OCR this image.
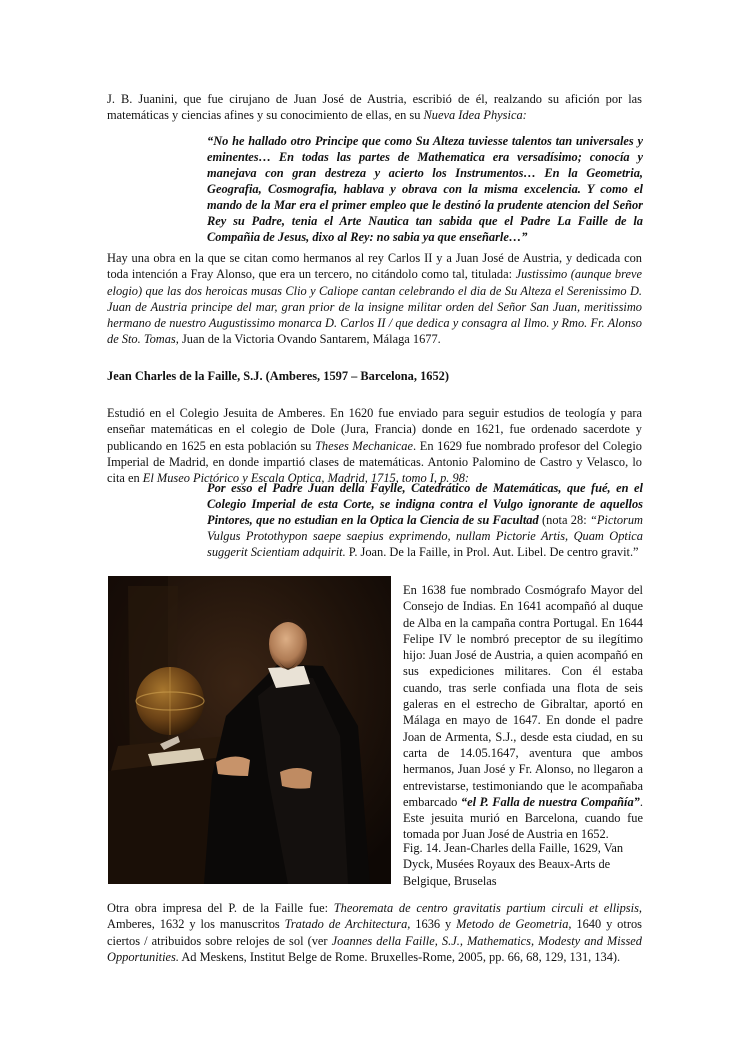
J. B. Juanini, que fue cirujano de Juan José de Austria, escribió de él, realzando su afición por las matemáticas y ciencias afines y su conocimiento de ellas, en su Nueva Idea Physica:

“No he hallado otro Principe que como Su Alteza tuviesse talentos tan universales y eminentes… En todas las partes de Mathematica era versadísimo; conocía y manejava con gran destreza y acierto los Instrumentos… En la Geometria, Geografia, Cosmografia, hablava y obrava con la misma excelencia. Y como el mando de la Mar era el primer empleo que le destinó la prudente atencion del Señor Rey su Padre, tenia el Arte Nautica tan sabida que el Padre La Faille de la Compañia de Jesus, dixo al Rey: no sabia ya que enseñarle…”

Hay una obra en la que se citan como hermanos al rey Carlos II y a Juan José de Austria, y dedicada con toda intención a Fray Alonso, que era un tercero, no citándolo como tal, titulada: Justissimo (aunque breve elogio) que las dos heroicas musas Clio y Caliope cantan celebrando el dia de Su Alteza el Serenissimo D. Juan de Austria principe del mar, gran prior de la insigne militar orden del Señor San Juan, meritissimo hermano de nuestro Augustissimo monarca D. Carlos II / que dedica y consagra al Ilmo. y Rmo. Fr. Alonso de Sto. Tomas, Juan de la Victoria Ovando Santarem, Málaga 1677.

Jean Charles de la Faille, S.J. (Amberes, 1597 – Barcelona, 1652)

Estudió en el Colegio Jesuita de Amberes. En 1620 fue enviado para seguir estudios de teología y para enseñar matemáticas en el colegio de Dole (Jura, Francia) donde en 1621, fue ordenado sacerdote y publicando en 1625 en esta población su Theses Mechanicae. En 1629 fue nombrado profesor del Colegio Imperial de Madrid, en donde impartió clases de matemáticas. Antonio Palomino de Castro y Velasco, lo cita en El Museo Pictórico y Escala Optica, Madrid, 1715, tomo I, p. 98:

Por esso el Padre Juan della Faylle, Catedrático de Matemáticas, que fué, en el Colegio Imperial de esta Corte, se indigna contra el Vulgo ignorante de aquellos Pintores, que no estudian en la Optica la Ciencia de su Facultad (nota 28: “Pictorum Vulgus Protothypon saepe saepius exprimendo, nullam Pictorie Artis, Quam Optica suggerit Scientiam adquirit. P. Joan. De la Faille, in Prol. Aut. Libel. De centro gravit.”

En 1638 fue nombrado Cosmógrafo Mayor del Consejo de Indias. En 1641 acompañó al duque de Alba en la campaña contra Portugal. En 1644 Felipe IV le nombró preceptor de su ilegítimo hijo: Juan José de Austria, a quien acompañó en sus expediciones militares. Con él estaba cuando, tras serle confiada una flota de seis galeras en el estrecho de Gibraltar, aportó en Málaga en mayo de 1647. En donde el padre Joan de Armenta, S.J., desde esta ciudad, en su carta de 14.05.1647, aventura que ambos hermanos, Juan José y Fr. Alonso, no llegaron a entrevistarse, testimoniando que le acompañaba embarcado “el P. Falla de nuestra Compañía”. Este jesuita murió en Barcelona, cuando fue tomada por Juan José de Austria en 1652.

Fig. 14. Jean-Charles della Faille, 1629, Van Dyck, Musées Royaux des Beaux-Arts de Belgique, Bruselas

Otra obra impresa del P. de la Faille fue: Theoremata de centro gravitatis partium circuli et ellipsis, Amberes, 1632 y los manuscritos Tratado de Architectura, 1636 y Metodo de Geometria, 1640 y otros ciertos / atribuidos sobre relojes de sol (ver Joannes della Faille, S.J., Mathematics, Modesty and Missed Opportunities. Ad Meskens, Institut Belge de Rome. Bruxelles-Rome, 2005, pp. 66, 68, 129, 131, 134).
